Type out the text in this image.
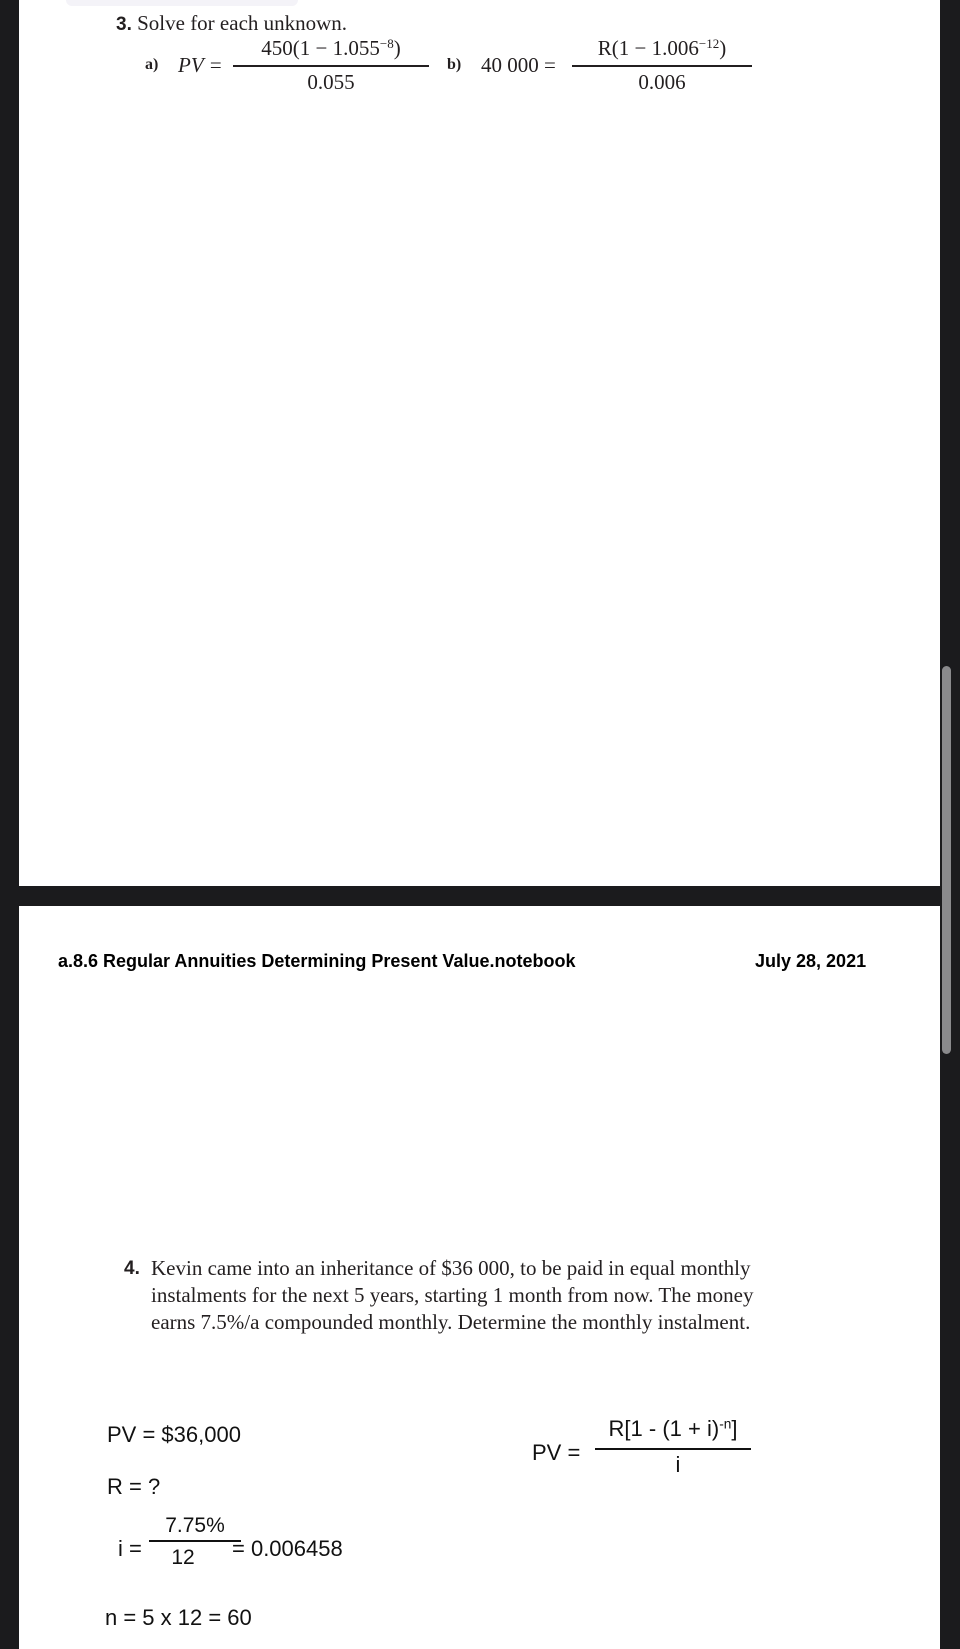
3. Solve for each unknown.
a) PV =
$450(1 - 1.055^{-8})$
0.055
b) 40 000 =
$R(1 - 1.006^{-12})$
0.006
a.8.6 Regular Annuities Determining Present Value.notebook	July 28, 2021
4. Kevin came into an inheritance of $36 000, to be paid in equal monthly instalments for the next 5 years, starting 1 month from now. The money earns 7.5%/a compounded monthly. Determine the monthly instalment.
PV = $36,000
R = ?
i =
7.75%
12	= 0.006458
n = 5 x 12 = 60
PV =
$R[1 - (1 + i)^{-n}]$
i
